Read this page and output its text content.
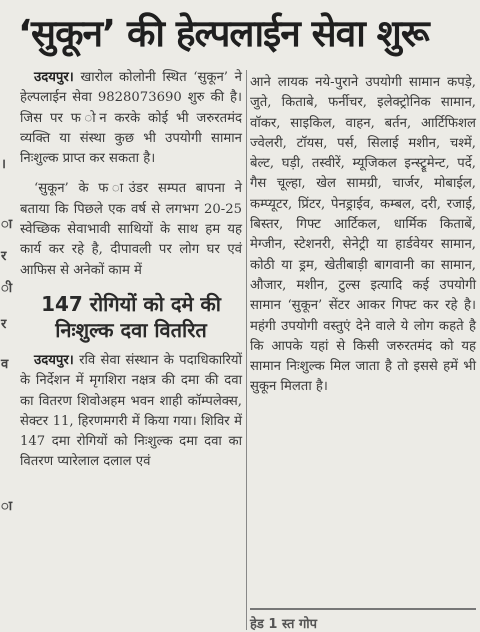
।
ा
र
ी
र
व
ा
‘सुकून’ की हेल्पलाईन सेवा शुरू

उदयपुर। खारोल कोलोनी स्थित ‘सुकून’ ने हेल्पलाईन सेवा 9828073690 शुरु की है। जिस पर फ ोन करके कोई भी जरुरतमंद व्यक्ति या संस्था कुछ भी उपयोगी सामान निःशुल्क प्राप्त कर सकता है।

‘सुकून’ के फ ाउंडर सम्पत बापना ने बताया कि पिछले एक वर्ष से लगभग 20-25 स्वेच्छिक सेवाभावी साथियों के साथ हम यह कार्य कर रहे है, दीपावली पर लोग घर एवं आफिस से अनेकों काम में

147 रोगियों को दमे की निःशुल्क दवा वितरित

उदयपुर। रवि सेवा संस्थान के पदाधिकारियों के निर्देशन में मृगशिरा नक्षत्र की दमा की दवा का वितरण शिवोअहम भवन शाही कॉम्पलेक्स, सेक्टर 11, हिरणमगरी में किया गया। शिविर में 147 दमा रोगियों को निःशुल्क दमा दवा का वितरण प्यारेलाल दलाल एवं

आने लायक नये-पुराने उपयोगी सामान कपड़े, जुते, किताबे, फर्नीचर, इलेक्ट्रोनिक सामान, वॉकर, साइकिल, वाहन, बर्तन, आर्टिफिशल ज्वेलरी, टॉयस, पर्स, सिलाई मशीन, चश्में, बेल्ट, घड़ी, तस्वीरें, म्यूजिकल इन्स्ट्रूमेन्ट, पर्दे, गैस चूल्हा, खेल सामग्री, चार्जर, मोबाईल, कम्प्यूटर, प्रिंटर, पेनड्राईव, कम्बल, दरी, रजाई, बिस्तर, गिफ्ट आर्टिकल, धार्मिक किताबें, मेग्जीन, स्टेशनरी, सेनेट्री या हार्डवेयर सामान, कोठी या ड्रम, खेतीबाड़ी बागवानी का सामान, औजार, मशीन, टुल्स इत्यादि कई उपयोगी सामान ‘सुकून’ सेंटर आकर गिफ्ट कर रहे है। महंगी उपयोगी वस्तुएं देने वाले ये लोग कहते है कि आपके यहां से किसी जरुरतमंद को यह सामान निःशुल्क मिल जाता है तो इससे हमें भी सुकून मिलता है।

हेड 1 स्त गोप
